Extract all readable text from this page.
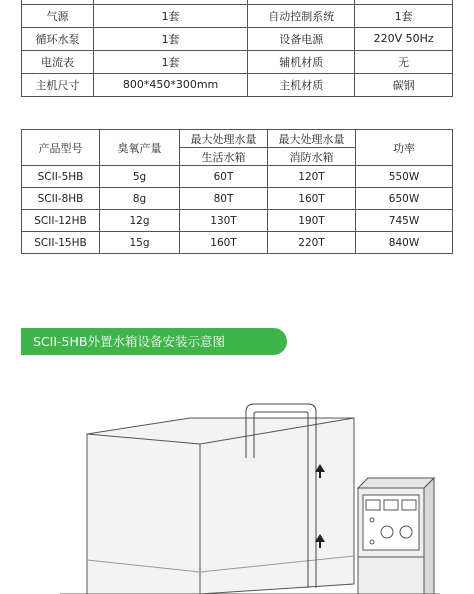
气源	1套	自动控制系统	1套
循环水泵	1套	设备电源	220V 50Hz
电流表	1套	辅机材质	无
主机尺寸	800*450*300mm	主机材质	碳钢
产品型号	臭氧产量	最大处理水量	最大处理水量	功率
		生活水箱	消防水箱	
SCII-5HB	5g	60T	120T	550W
SCII-8HB	8g	80T	160T	650W
SCII-12HB	12g	130T	190T	745W
SCII-15HB	15g	160T	220T	840W
SCII-5HB外置水箱设备安装示意图
